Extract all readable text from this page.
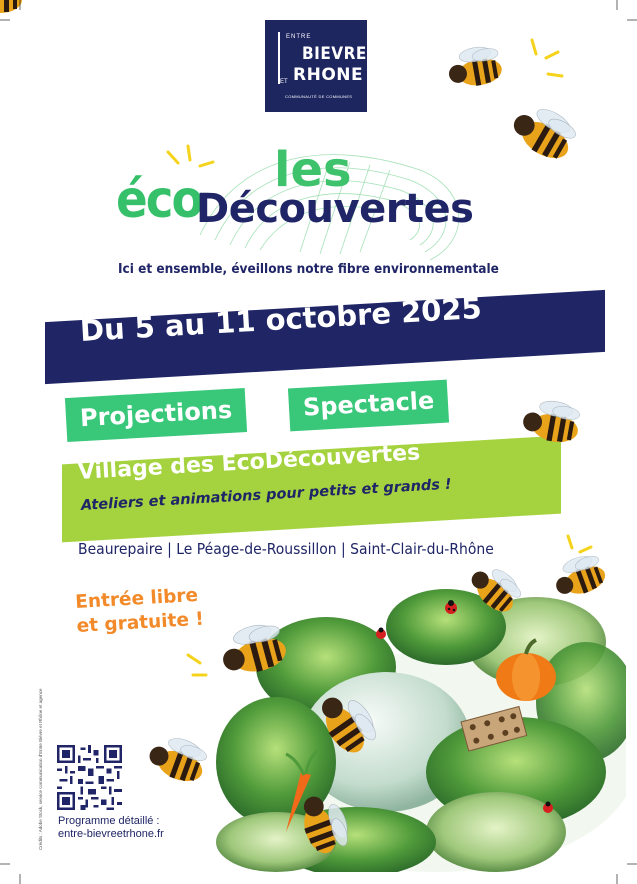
ENTRE
BIEVRE
ET RHONE
COMMUNAUTÉ DE COMMUNES
les
éco
Découvertes
Ici et ensemble, éveillons notre fibre environnementale
Du 5 au 11 octobre 2025
Projections	Spectacle
Village des ÉcoDécouvertes
Ateliers et animations pour petits et grands !
Beaurepaire | Le Péage-de-Roussillon | Saint-Clair-du-Rhône
Entrée libre
et gratuite !
Crédits : Adobe Stock, service communication d'Entre Bièvre et Rhône et agence Programme détaillé :
entre-bievreetrhone.fr
